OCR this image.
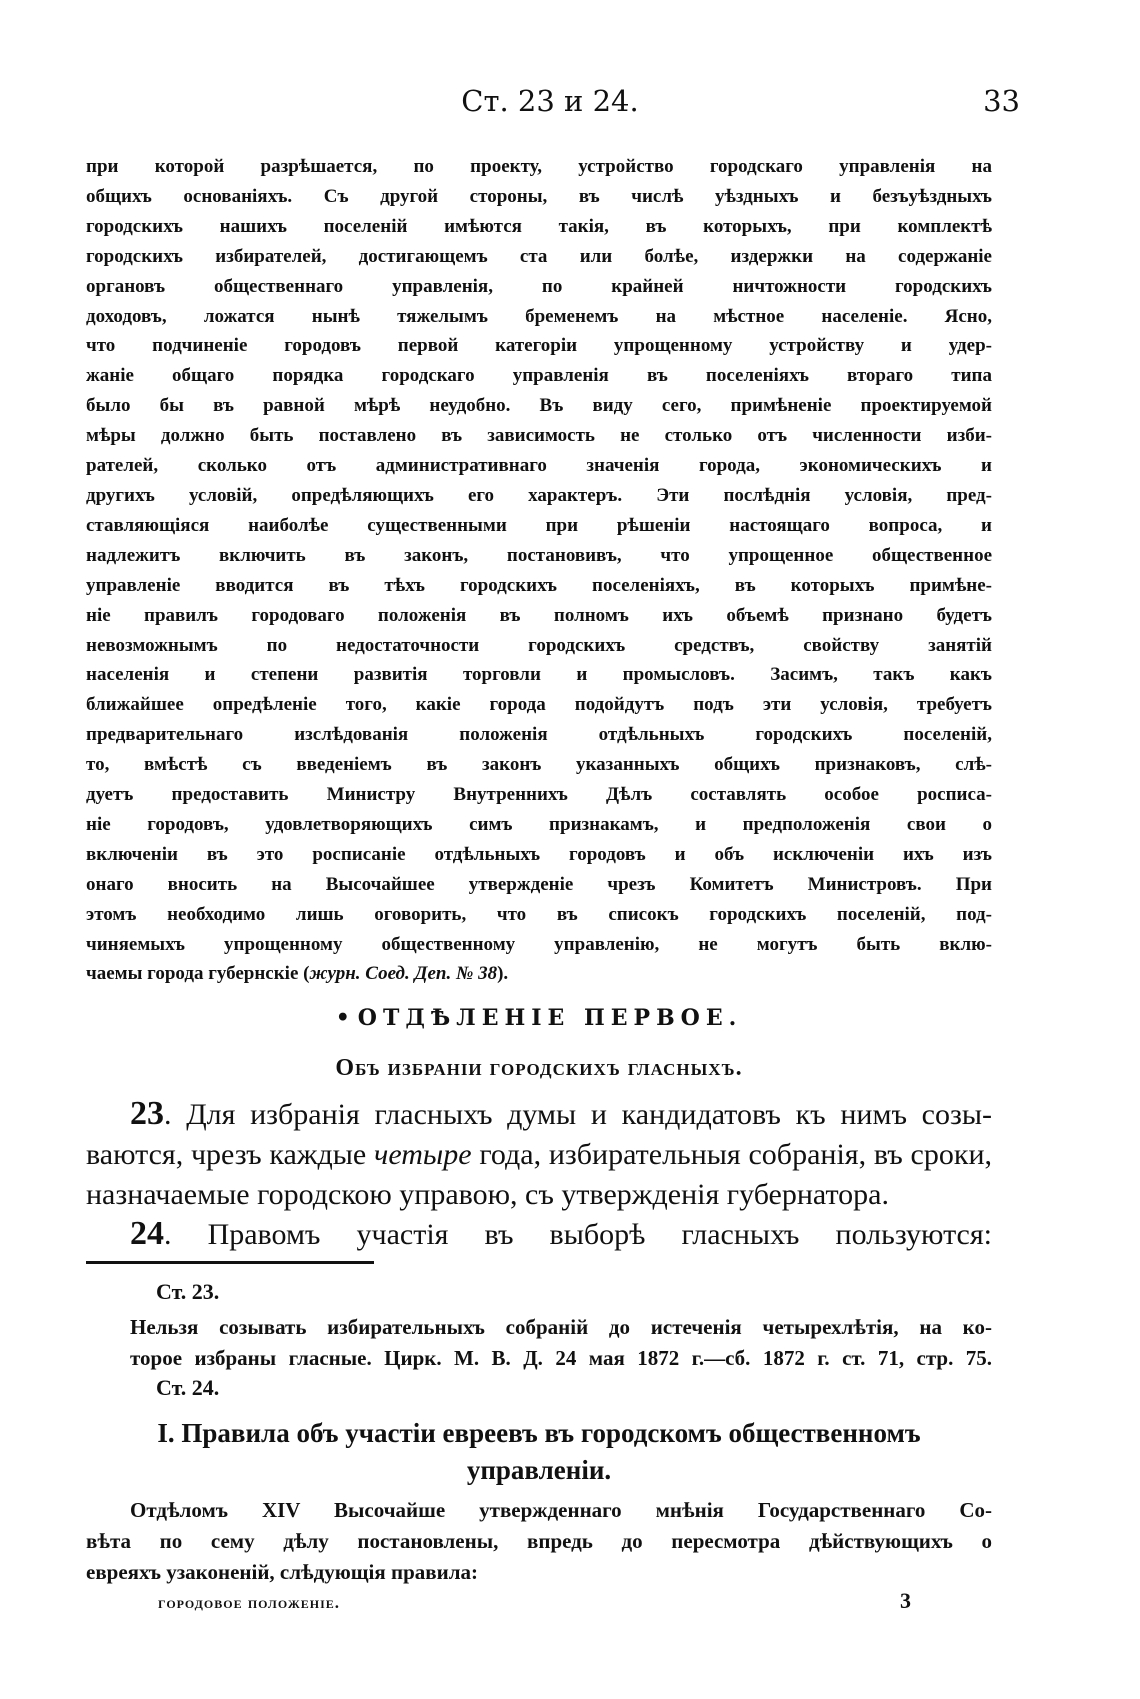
Ст. 23 и 24.	33
при которой разрѣшается, по проекту, устройство городскаго управленія на
общихъ основаніяхъ. Съ другой стороны, въ числѣ уѣздныхъ и безъуѣздныхъ
городскихъ нашихъ поселеній имѣются такія, въ которыхъ, при комплектѣ
городскихъ избирателей, достигающемъ ста или болѣе, издержки на содержаніе
органовъ общественнаго управленія, по крайней ничтожности городскихъ
доходовъ, ложатся нынѣ тяжелымъ бременемъ на мѣстное населеніе. Ясно,
что подчиненіе городовъ первой категоріи упрощенному устройству и удер-
жаніе общаго порядка городскаго управленія въ поселеніяхъ втораго типа
было бы въ равной мѣрѣ неудобно. Въ виду сего, примѣненіе проектируемой
мѣры должно быть поставлено въ зависимость не столько отъ численности изби-
рателей, сколько отъ административнаго значенія города, экономическихъ и
другихъ условій, опредѣляющихъ его характеръ. Эти послѣднія условія, пред-
ставляющіяся наиболѣе существенными при рѣшеніи настоящаго вопроса, и
надлежитъ включить въ законъ, постановивъ, что упрощенное общественное
управленіе вводится въ тѣхъ городскихъ поселеніяхъ, въ которыхъ примѣне-
ніе правилъ городоваго положенія въ полномъ ихъ объемѣ признано будетъ
невозможнымъ по недостаточности городскихъ средствъ, свойству занятій
населенія и степени развитія торговли и промысловъ. Засимъ, такъ какъ
ближайшее опредѣленіе того, какіе города подойдутъ подъ эти условія, требуетъ
предварительнаго изслѣдованія положенія отдѣльныхъ городскихъ поселеній,
то, вмѣстѣ съ введеніемъ въ законъ указанныхъ общихъ признаковъ, слѣ-
дуетъ предоставить Министру Внутреннихъ Дѣлъ составлять особое росписа-
ніе городовъ, удовлетворяющихъ симъ признакамъ, и предположенія свои о
включеніи въ это росписаніе отдѣльныхъ городовъ и объ исключеніи ихъ изъ
онаго вносить на Высочайшее утвержденіе чрезъ Комитетъ Министровъ. При
этомъ необходимо лишь оговорить, что въ списокъ городскихъ поселеній, под-
чиняемыхъ упрощенному общественному управленію, не могутъ быть вклю-
чаемы города губернскіе (журн. Соед. Деп. № 38).
• ОТДѢЛЕНІЕ ПЕРВОЕ.
Объ избраніи городскихъ гласныхъ.
23. Для избранія гласныхъ думы и кандидатовъ къ нимъ созы-
ваются, чрезъ каждые четыре года, избирательныя собранія, въ сроки,
назначаемые городскою управою, съ утвержденія губернатора.
24. Правомъ участія въ выборѣ гласныхъ пользуются:
Ст. 23.
Нельзя созывать избирательныхъ собраній до истеченія четырехлѣтія, на ко-
торое избраны гласные. Цирк. М. В. Д. 24 мая 1872 г.—сб. 1872 г. ст. 71, стр. 75.
Ст. 24.
I. Правила объ участіи евреевъ въ городскомъ общественномъ
управленіи.
Отдѣломъ XIV Высочайше утвержденнаго мнѣнія Государственнаго Со-
вѣта по сему дѣлу постановлены, впредь до пересмотра дѣйствующихъ о
евреяхъ узаконеній, слѣдующія правила:
городовое положеніе.	3
